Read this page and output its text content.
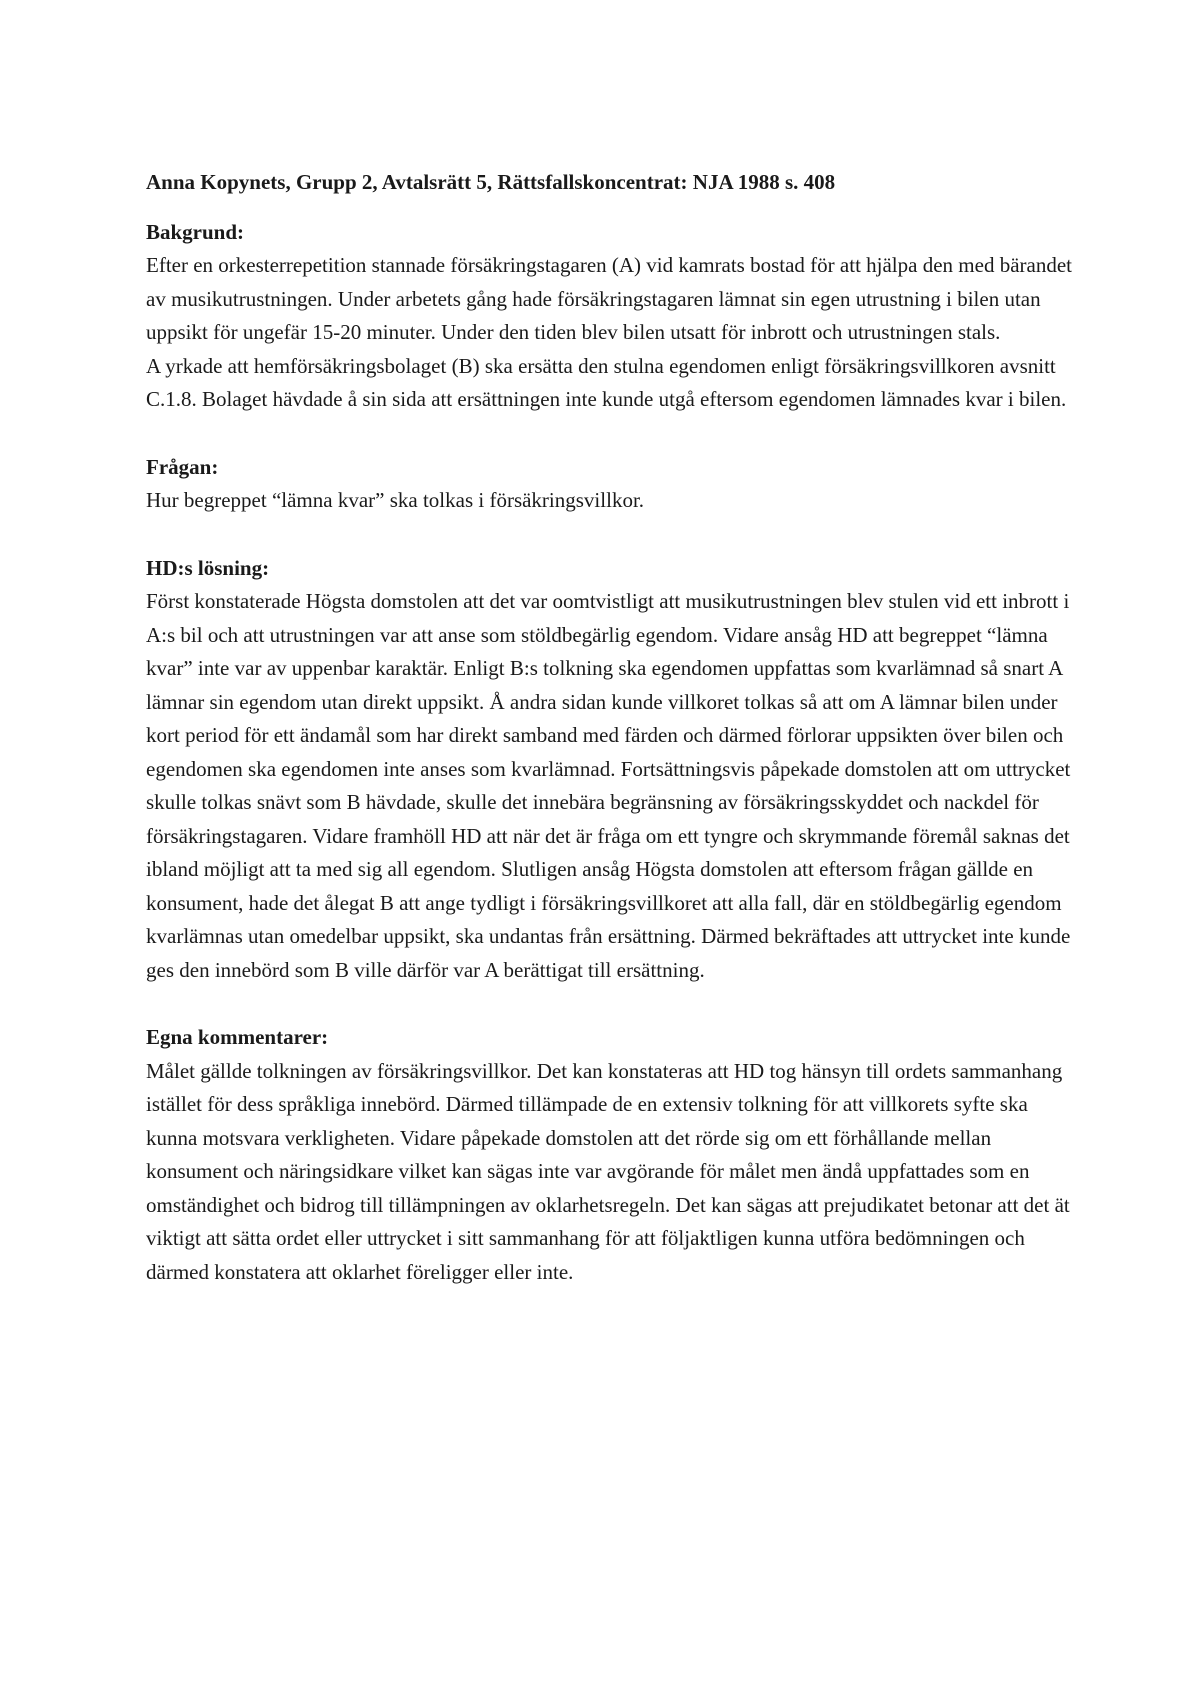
Anna Kopynets, Grupp 2, Avtalsrätt 5, Rättsfallskoncentrat: NJA 1988 s. 408
Bakgrund:
Efter en orkesterrepetition stannade försäkringstagaren (A) vid kamrats bostad för att hjälpa den med bärandet av musikutrustningen. Under arbetets gång hade försäkringstagaren lämnat sin egen utrustning i bilen utan uppsikt för ungefär 15-20 minuter. Under den tiden blev bilen utsatt för inbrott och utrustningen stals.
A yrkade att hemförsäkringsbolaget (B) ska ersätta den stulna egendomen enligt försäkringsvillkoren avsnitt C.1.8. Bolaget hävdade å sin sida att ersättningen inte kunde utgå eftersom egendomen lämnades kvar i bilen.
Frågan:
Hur begreppet “lämna kvar” ska tolkas i försäkringsvillkor.
HD:s lösning:
Först konstaterade Högsta domstolen att det var oomtvistligt att musikutrustningen blev stulen vid ett inbrott i A:s bil och att utrustningen var att anse som stöldbegärlig egendom. Vidare ansåg HD att begreppet “lämna kvar” inte var av uppenbar karaktär. Enligt B:s tolkning ska egendomen uppfattas som kvarlämnad så snart A lämnar sin egendom utan direkt uppsikt. Å andra sidan kunde villkoret tolkas så att om A lämnar bilen under kort period för ett ändamål som har direkt samband med färden och därmed förlorar uppsikten över bilen och egendomen ska egendomen inte anses som kvarlämnad. Fortsättningsvis påpekade domstolen att om uttrycket skulle tolkas snävt som B hävdade, skulle det innebära begränsning av försäkringsskyddet och nackdel för försäkringstagaren. Vidare framhöll HD att när det är fråga om ett tyngre och skrymmande föremål saknas det ibland möjligt att ta med sig all egendom. Slutligen ansåg Högsta domstolen att eftersom frågan gällde en konsument, hade det ålegat B att ange tydligt i försäkringsvillkoret att alla fall, där en stöldbegärlig egendom kvarlämnas utan omedelbar uppsikt, ska undantas från ersättning. Därmed bekräftades att uttrycket inte kunde ges den innebörd som B ville därför var A berättigat till ersättning.
Egna kommentarer:
Målet gällde tolkningen av försäkringsvillkor. Det kan konstateras att HD tog hänsyn till ordets sammanhang istället för dess språkliga innebörd. Därmed tillämpade de en extensiv tolkning för att villkorets syfte ska kunna motsvara verkligheten. Vidare påpekade domstolen att det rörde sig om ett förhållande mellan konsument och näringsidkare vilket kan sägas inte var avgörande för målet men ändå uppfattades som en omständighet och bidrog till tillämpningen av oklarhetsregeln. Det kan sägas att prejudikatet betonar att det ät viktigt att sätta ordet eller uttrycket i sitt sammanhang för att följaktligen kunna utföra bedömningen och därmed konstatera att oklarhet föreligger eller inte.
